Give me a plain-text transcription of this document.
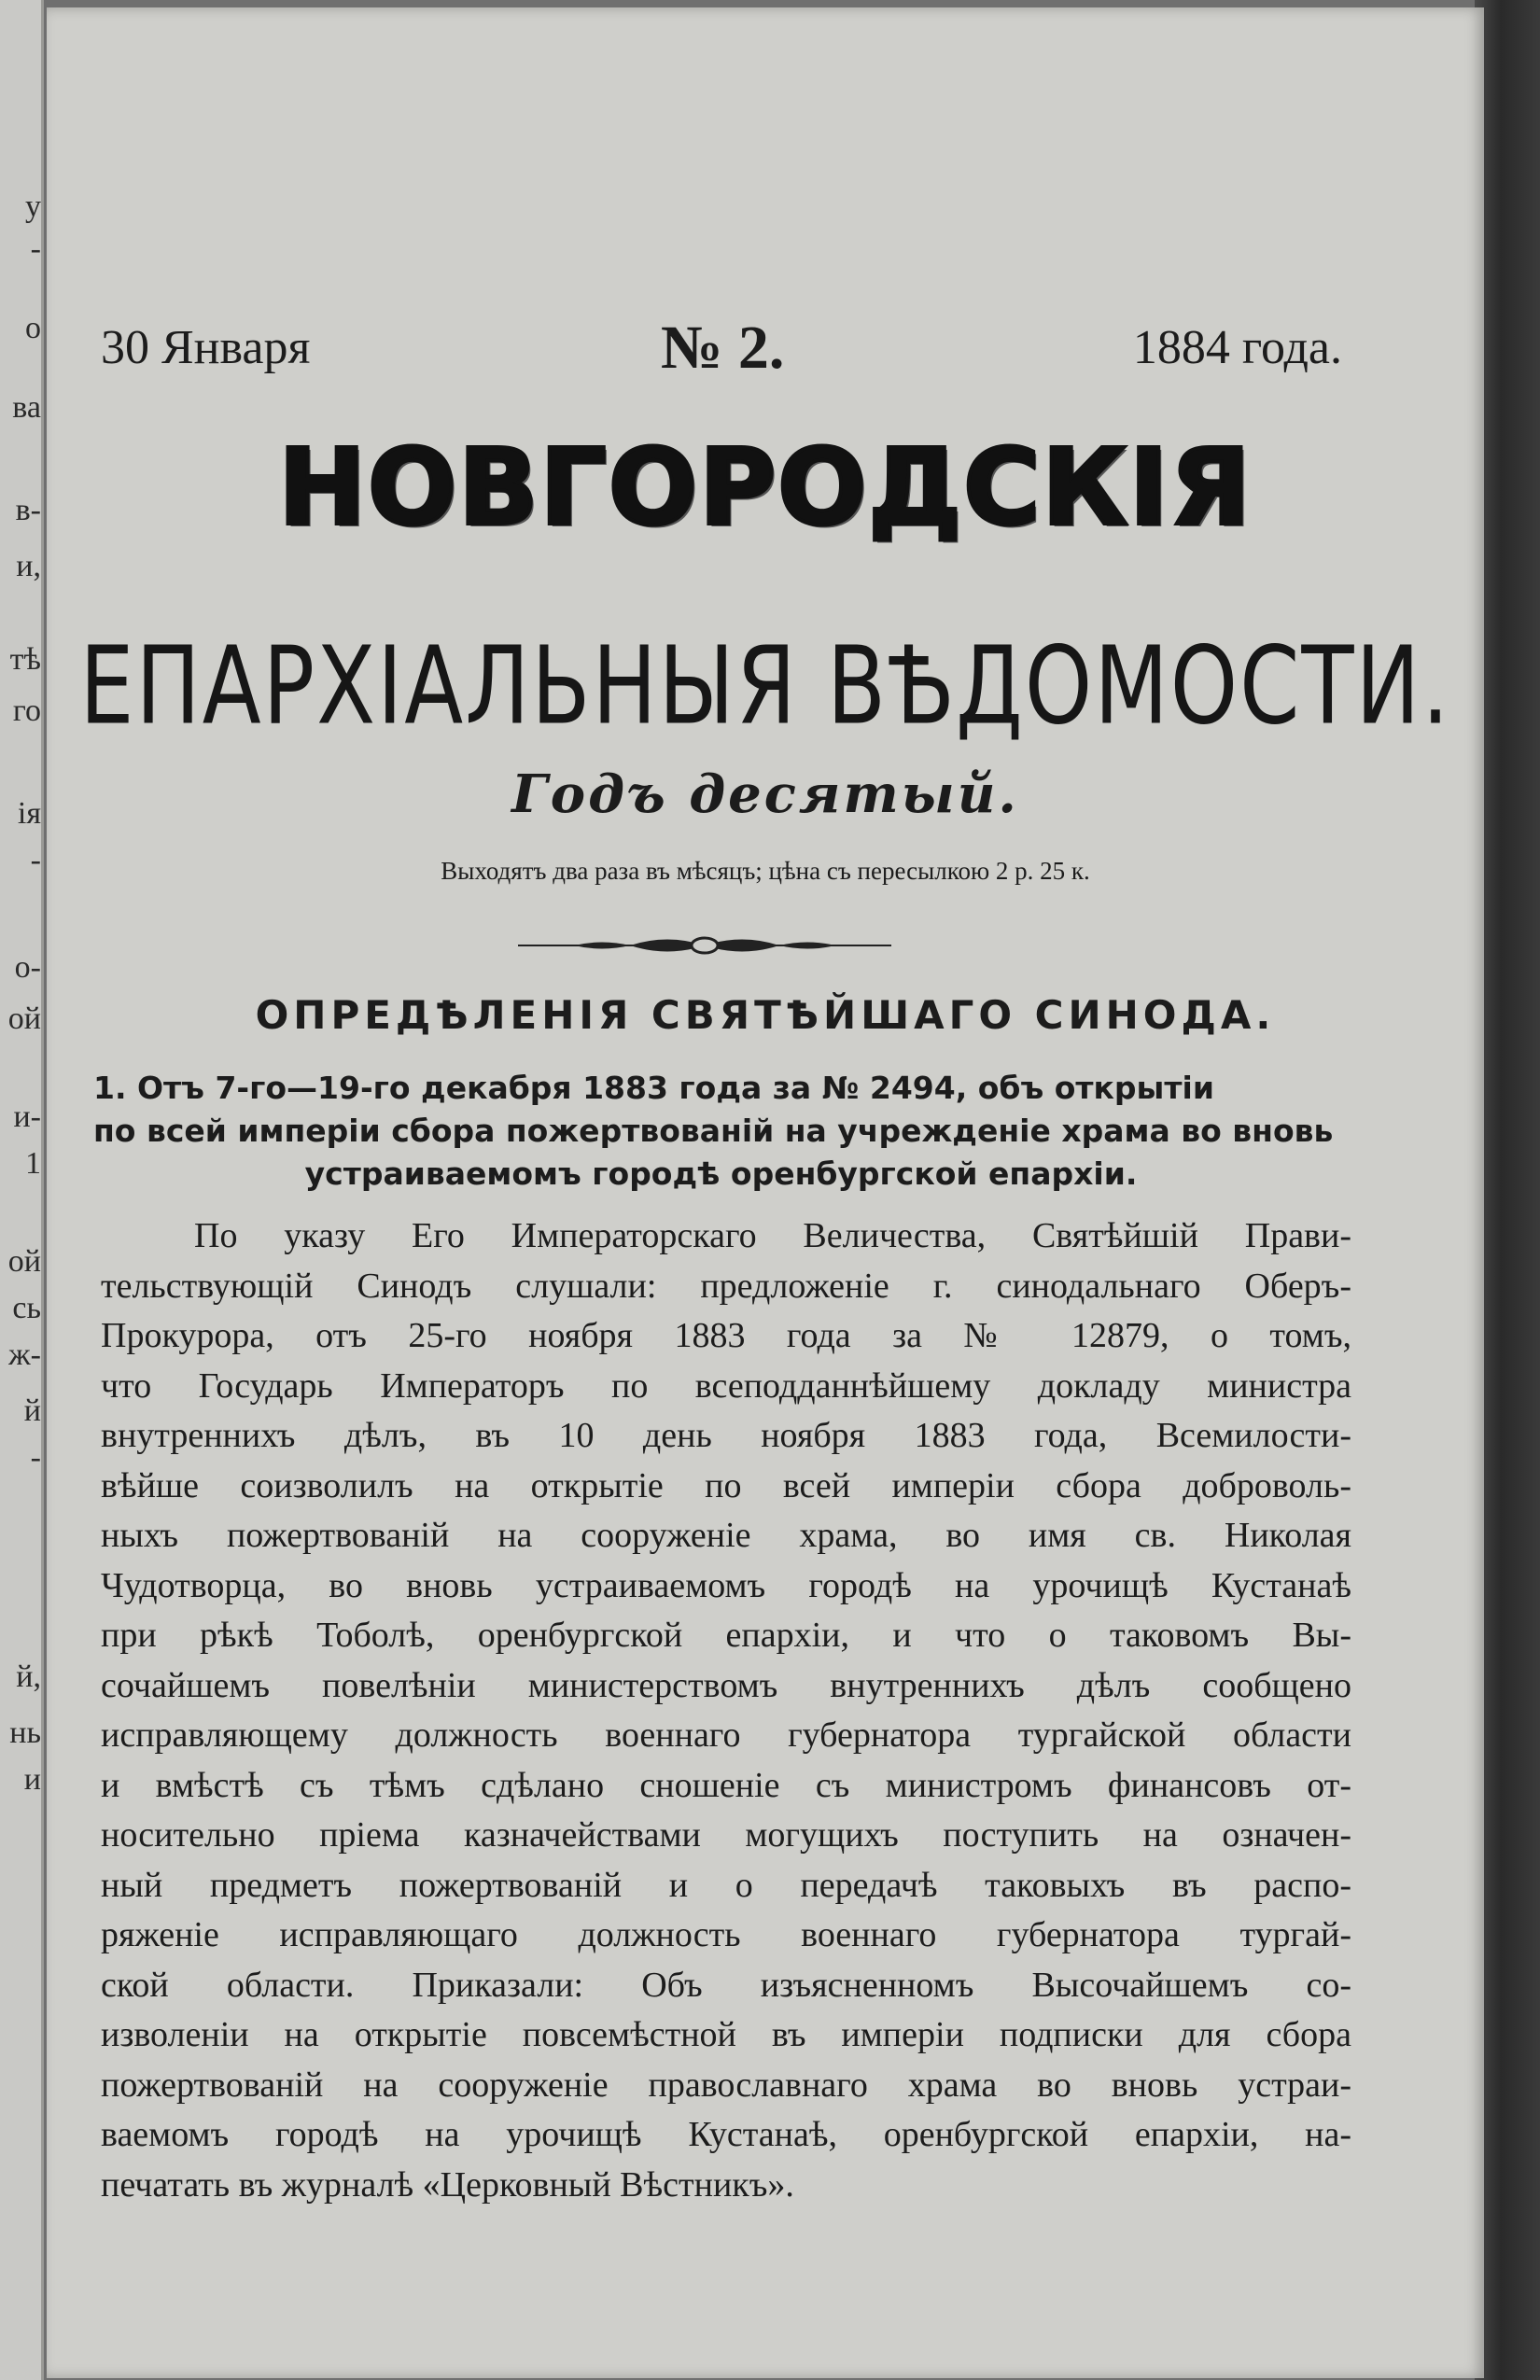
у
-
о
ва
в-
и,
тѣ
го
ія
-
о-
ой
и-
1
ой
сь
ж-
й
-
й,
нь
и
30 Января	№ 2.	1884 года.
НОВГОРОДСКІЯ
ЕПАРХІАЛЬНЫЯ ВѢДОМОСТИ.
Годъ десятый.
Выходятъ два раза въ мѣсяцъ; цѣна съ пересылкою 2 р. 25 к.
ОПРЕДѢЛЕНІЯ СВЯТѢЙШАГО СИНОДА.
1. Отъ 7-го—19-го декабря 1883 года за № 2494, объ открытіи
по всей имперіи сбора пожертвованій на учрежденіе храма во вновь
устраиваемомъ городѣ оренбургской епархіи.
По указу Его Императорскаго Величества, Святѣйшій Прави-
тельствующій Синодъ слушали: предложеніе г. синодальнаго Оберъ-
Прокурора, отъ 25-го ноября 1883 года за № 12879, о томъ,
что Государь Императоръ по всеподданнѣйшему докладу министра
внутреннихъ дѣлъ, въ 10 день ноября 1883 года, Всемилости-
вѣйше соизволилъ на открытіе по всей имперіи сбора доброволь-
ныхъ пожертвованій на сооруженіе храма, во имя св. Николая
Чудотворца, во вновь устраиваемомъ городѣ на урочищѣ Кустанаѣ
при рѣкѣ Тоболѣ, оренбургской епархіи, и что о таковомъ Вы-
сочайшемъ повелѣніи министерствомъ внутреннихъ дѣлъ сообщено
исправляющему должность военнаго губернатора тургайской области
и вмѣстѣ съ тѣмъ сдѣлано сношеніе съ министромъ финансовъ от-
носительно пріема казначействами могущихъ поступить на означен-
ный предметъ пожертвованій и о передачѣ таковыхъ въ распо-
ряженіе исправляющаго должность военнаго губернатора тургай-
ской области. Приказали: Объ изъясненномъ Высочайшемъ со-
изволеніи на открытіе повсемѣстной въ имперіи подписки для сбора
пожертвованій на сооруженіе православнаго храма во вновь устраи-
ваемомъ городѣ на урочищѣ Кустанаѣ, оренбургской епархіи, на-
печатать въ журналѣ «Церковный Вѣстникъ».
